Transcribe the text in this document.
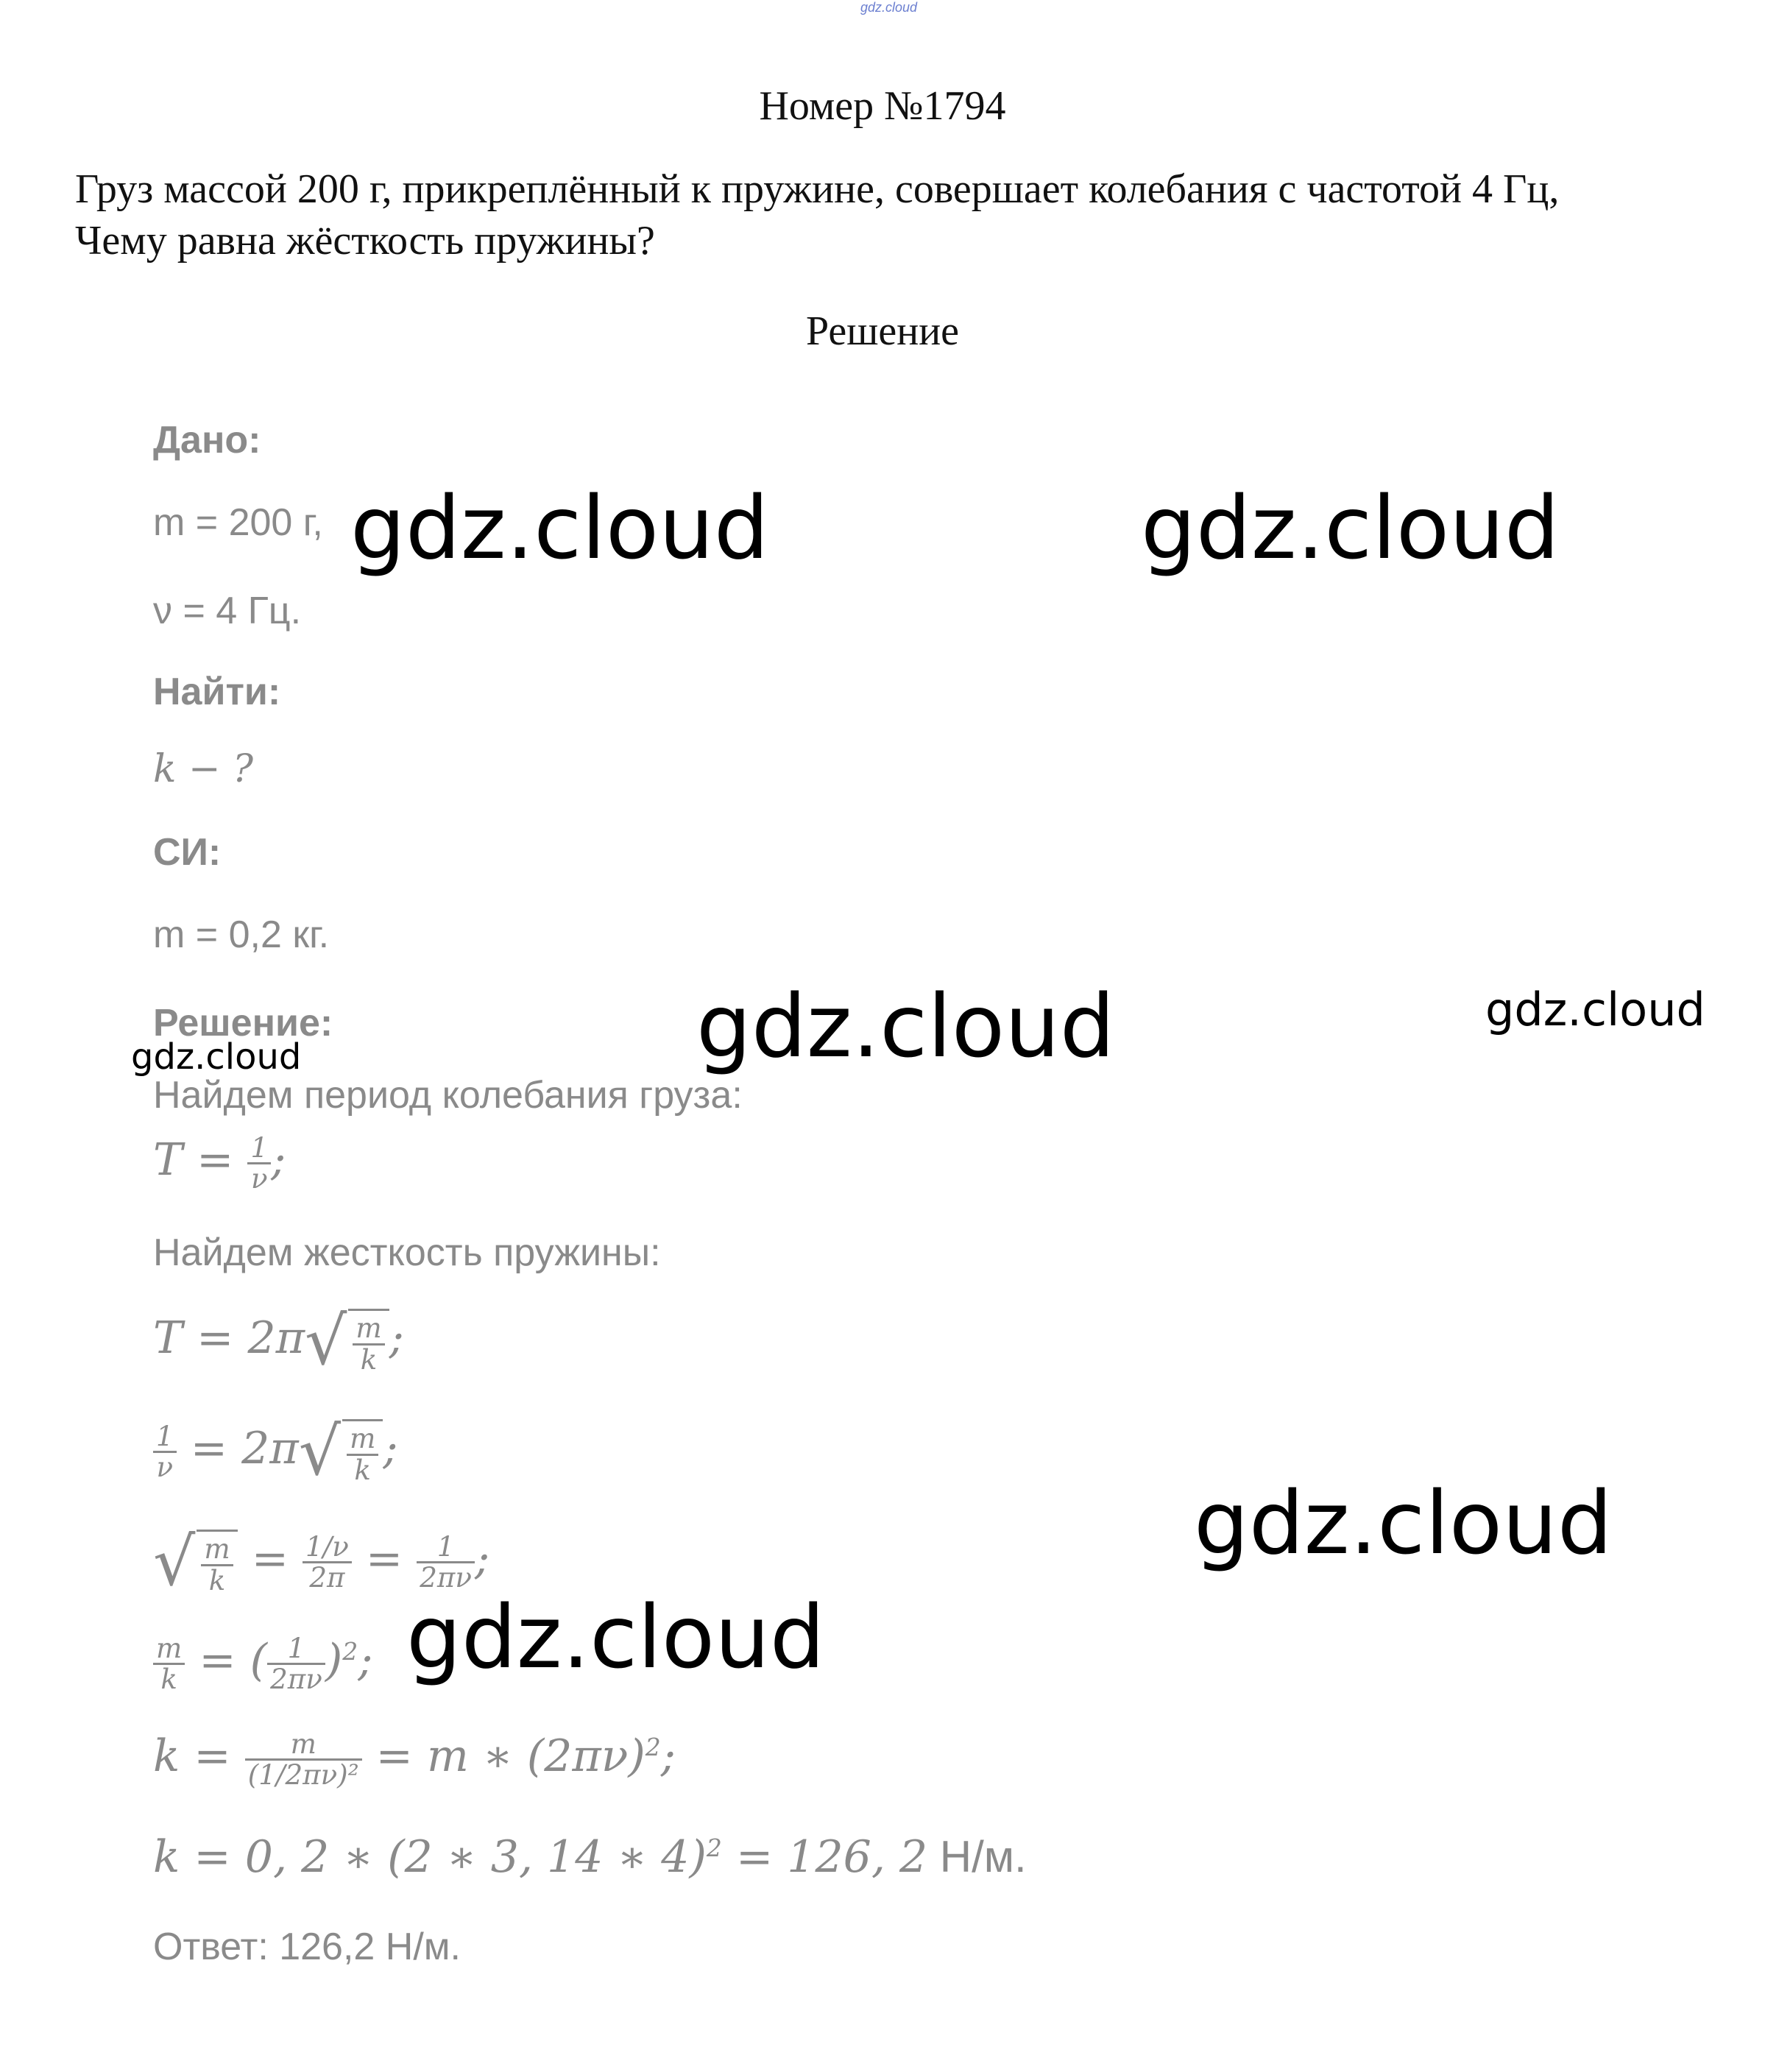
gdz.cloud
Номер №1794
Груз массой 200 г, прикреплённый к пружине, совершает колебания с частотой 4 Гц,
Чему равна жёсткость пружины?
Решение
Дано:
m = 200 г,
ν = 4 Гц.
Найти:
k − ?
СИ:
m = 0,2 кг.
Решение:
Найдем период колебания груза:
$T = \frac{1}{\nu}$ ;
Найдем жесткость пружины:
$T = 2\pi√ \frac{m}{k}$ ;
$\frac{1}{\nu} = 2\pi√ \frac{m}{k}$ ;
√ $\frac{m}{k} = \frac{1/\nu}{2\pi} = \frac{1}{2\pi\nu}$ ;
$\frac{m}{k}$ = ( $\frac{1}{2\pi\nu} )^2$;
$k = \frac{m}{\text{(1/2πν)²}} = m$ ∗ $(2\pi\nu)^2$;
k = 0, 2 ∗ (2 ∗ 3, 14 ∗ 4)$^2$ = 126, 2 Н/м.
Ответ: 126,2 Н/м.
gdz.cloud	gdz.cloud
gdz.cloud	gdz.cloud
gdz.cloud
gdz.cloud
gdz.cloud
